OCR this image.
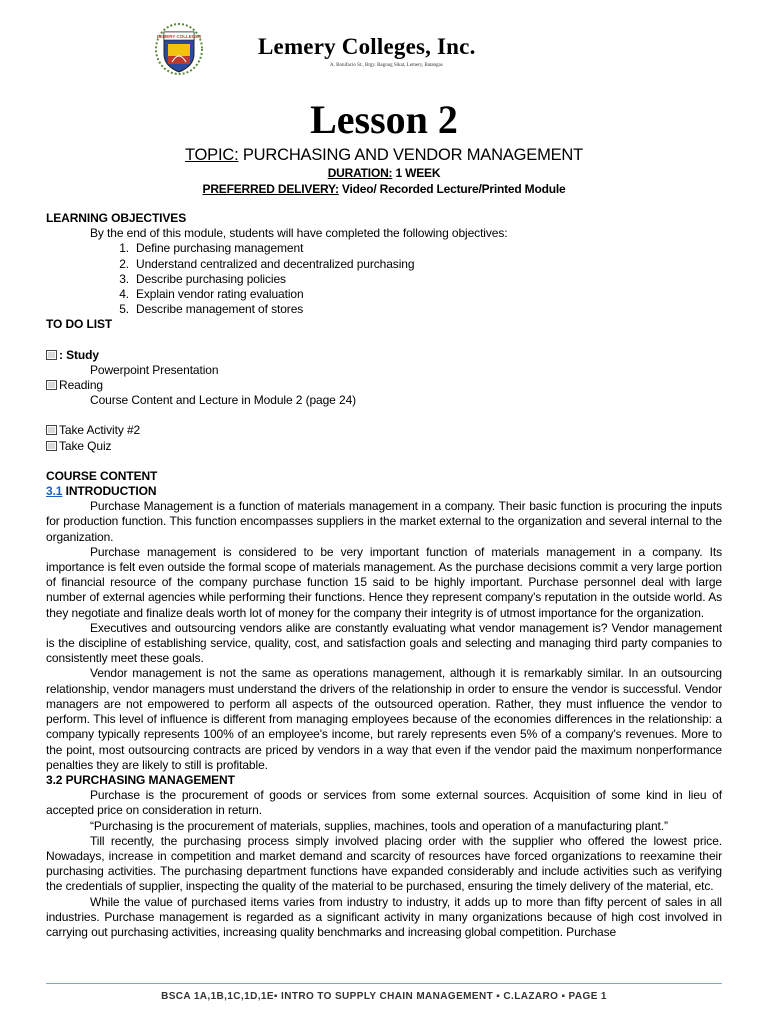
LEMERY COLLEGES Lemery Colleges, Inc.
A. Bonifacio St., Brgy. Bagong Sikat, Lemery, Batangas
Lesson 2
TOPIC: PURCHASING AND VENDOR MANAGEMENT
DURATION: 1 WEEK
PREFERRED DELIVERY: Video/ Recorded Lecture/Printed Module
LEARNING OBJECTIVES
By the end of this module, students will have completed the following objectives:
1. Define purchasing management
2. Understand centralized and decentralized purchasing
3. Describe purchasing policies
4. Explain vendor rating evaluation
5. Describe management of stores
TO DO LIST
: Study
Powerpoint Presentation
Reading
Course Content and Lecture in Module 2 (page 24)
Take Activity #2
Take Quiz
COURSE CONTENT
3.1 INTRODUCTION

Purchase Management is a function of materials management in a company. Their basic function is procuring the inputs for production function. This function encompasses suppliers in the market external to the organization and several internal to the organization.

Purchase management is considered to be very important function of materials management in a company. Its importance is felt even outside the formal scope of materials management. As the purchase decisions commit a very large portion of financial resource of the company purchase function 15 said to be highly important. Purchase personnel deal with large number of external agencies while performing their functions. Hence they represent company's reputation in the outside world. As they negotiate and finalize deals worth lot of money for the company their integrity is of utmost importance for the organization.

Executives and outsourcing vendors alike are constantly evaluating what vendor management is? Vendor management is the discipline of establishing service, quality, cost, and satisfaction goals and selecting and managing third party companies to consistently meet these goals.

Vendor management is not the same as operations management, although it is remarkably similar. In an outsourcing relationship, vendor managers must understand the drivers of the relationship in order to ensure the vendor is successful. Vendor managers are not empowered to perform all aspects of the outsourced operation. Rather, they must influence the vendor to perform. This level of influence is different from managing employees because of the economies differences in the relationship: a company typically represents 100% of an employee's income, but rarely represents even 5% of a company's revenues. More to the point, most outsourcing contracts are priced by vendors in a way that even if the vendor paid the maximum nonperformance penalties they are likely to still is profitable.

3.2 PURCHASING MANAGEMENT

Purchase is the procurement of goods or services from some external sources. Acquisition of some kind in lieu of accepted price on consideration in return.

“Purchasing is the procurement of materials, supplies, machines, tools and operation of a manufacturing plant.”

Till recently, the purchasing process simply involved placing order with the supplier who offered the lowest price. Nowadays, increase in competition and market demand and scarcity of resources have forced organizations to reexamine their purchasing activities. The purchasing department functions have expanded considerably and include activities such as verifying the credentials of supplier, inspecting the quality of the material to be purchased, ensuring the timely delivery of the material, etc.

While the value of purchased items varies from industry to industry, it adds up to more than fifty percent of sales in all industries. Purchase management is regarded as a significant activity in many organizations because of high cost involved in carrying out purchasing activities, increasing quality benchmarks and increasing global competition. Purchase

BSCA 1A,1B,1C,1D,1E▪ INTRO TO SUPPLY CHAIN MANAGEMENT ▪ C.LAZARO ▪ PAGE 1
